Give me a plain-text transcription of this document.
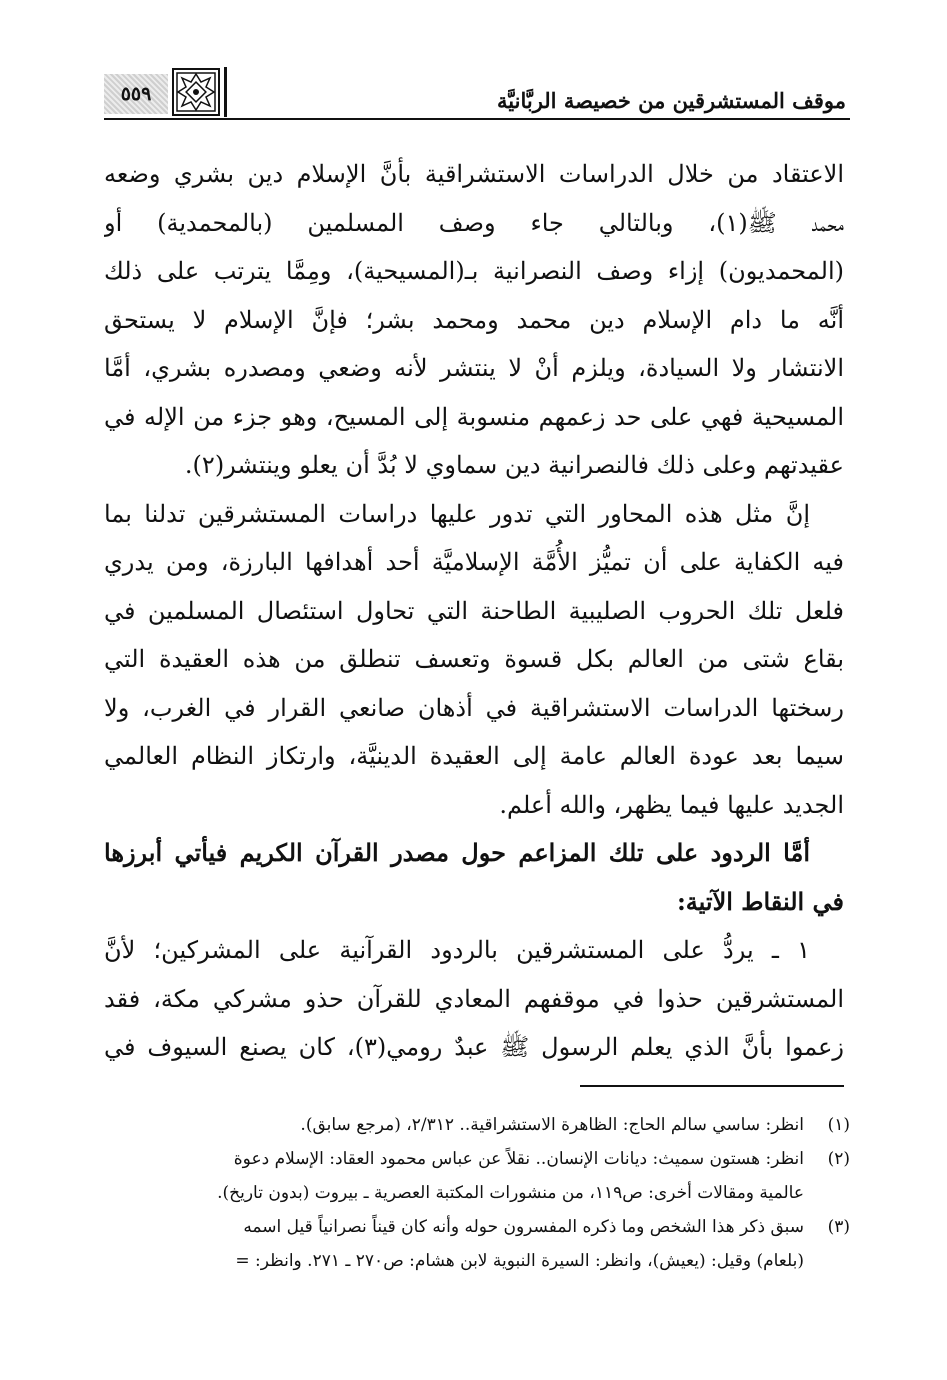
موقف المستشرقين من خصيصة الربَّانيَّة
٥٥٩
الاعتقاد من خلال الدراسات الاستشراقية بأنَّ الإسلام دين بشري وضعه
محمد ﷺ(١)، وبالتالي جاء وصف المسلمين (بالمحمدية) أو
(المحمديون) إزاء وصف النصرانية بـ(المسيحية)، ومِمَّا يترتب على ذلك
أنَّه ما دام الإسلام دين محمد ومحمد بشر؛ فإنَّ الإسلام لا يستحق
الانتشار ولا السيادة، ويلزم أنْ لا ينتشر لأنه وضعي ومصدره بشري، أمَّا
المسيحية فهي على حد زعمهم منسوبة إلى المسيح، وهو جزء من الإله في
عقيدتهم وعلى ذلك فالنصرانية دين سماوي لا بُدَّ أن يعلو وينتشر(٢).
إنَّ مثل هذه المحاور التي تدور عليها دراسات المستشرقين تدلنا بما
فيه الكفاية على أن تميُّز الأُمَّة الإسلاميَّة أحد أهدافها البارزة، ومن يدري
فلعل تلك الحروب الصليبية الطاحنة التي تحاول استئصال المسلمين في
بقاع شتى من العالم بكل قسوة وتعسف تنطلق من هذه العقيدة التي
رسختها الدراسات الاستشراقية في أذهان صانعي القرار في الغرب، ولا
سيما بعد عودة العالم عامة إلى العقيدة الدينيَّة، وارتكاز النظام العالمي
الجديد عليها فيما يظهر، والله أعلم.
أمَّا الردود على تلك المزاعم حول مصدر القرآن الكريم فيأتي أبرزها
في النقاط الآتية:
١ ـ يردُّ على المستشرقين بالردود القرآنية على المشركين؛ لأنَّ
المستشرقين حذوا في موقفهم المعادي للقرآن حذو مشركي مكة، فقد
زعموا بأنَّ الذي يعلم الرسول ﷺ عبدٌ رومي(٣)، كان يصنع السيوف في
(١)
انظر: ساسي سالم الحاج: الظاهرة الاستشراقية.. ٢/٣١٢، (مرجع سابق).
(٢)
انظر: هستون سميث: ديانات الإنسان.. نقلاً عن عباس محمود العقاد: الإسلام دعوة
عالمية ومقالات أخرى: ص١١٩، من منشورات المكتبة العصرية ـ بيروت (بدون تاريخ).
(٣)
سبق ذكر هذا الشخص وما ذكره المفسرون حوله وأنه كان قيناً نصرانياً قيل اسمه
(بلعام) وقيل: (يعيش)، وانظر: السيرة النبوية لابن هشام: ص٢٧٠ ـ ٢٧١. وانظر: =
